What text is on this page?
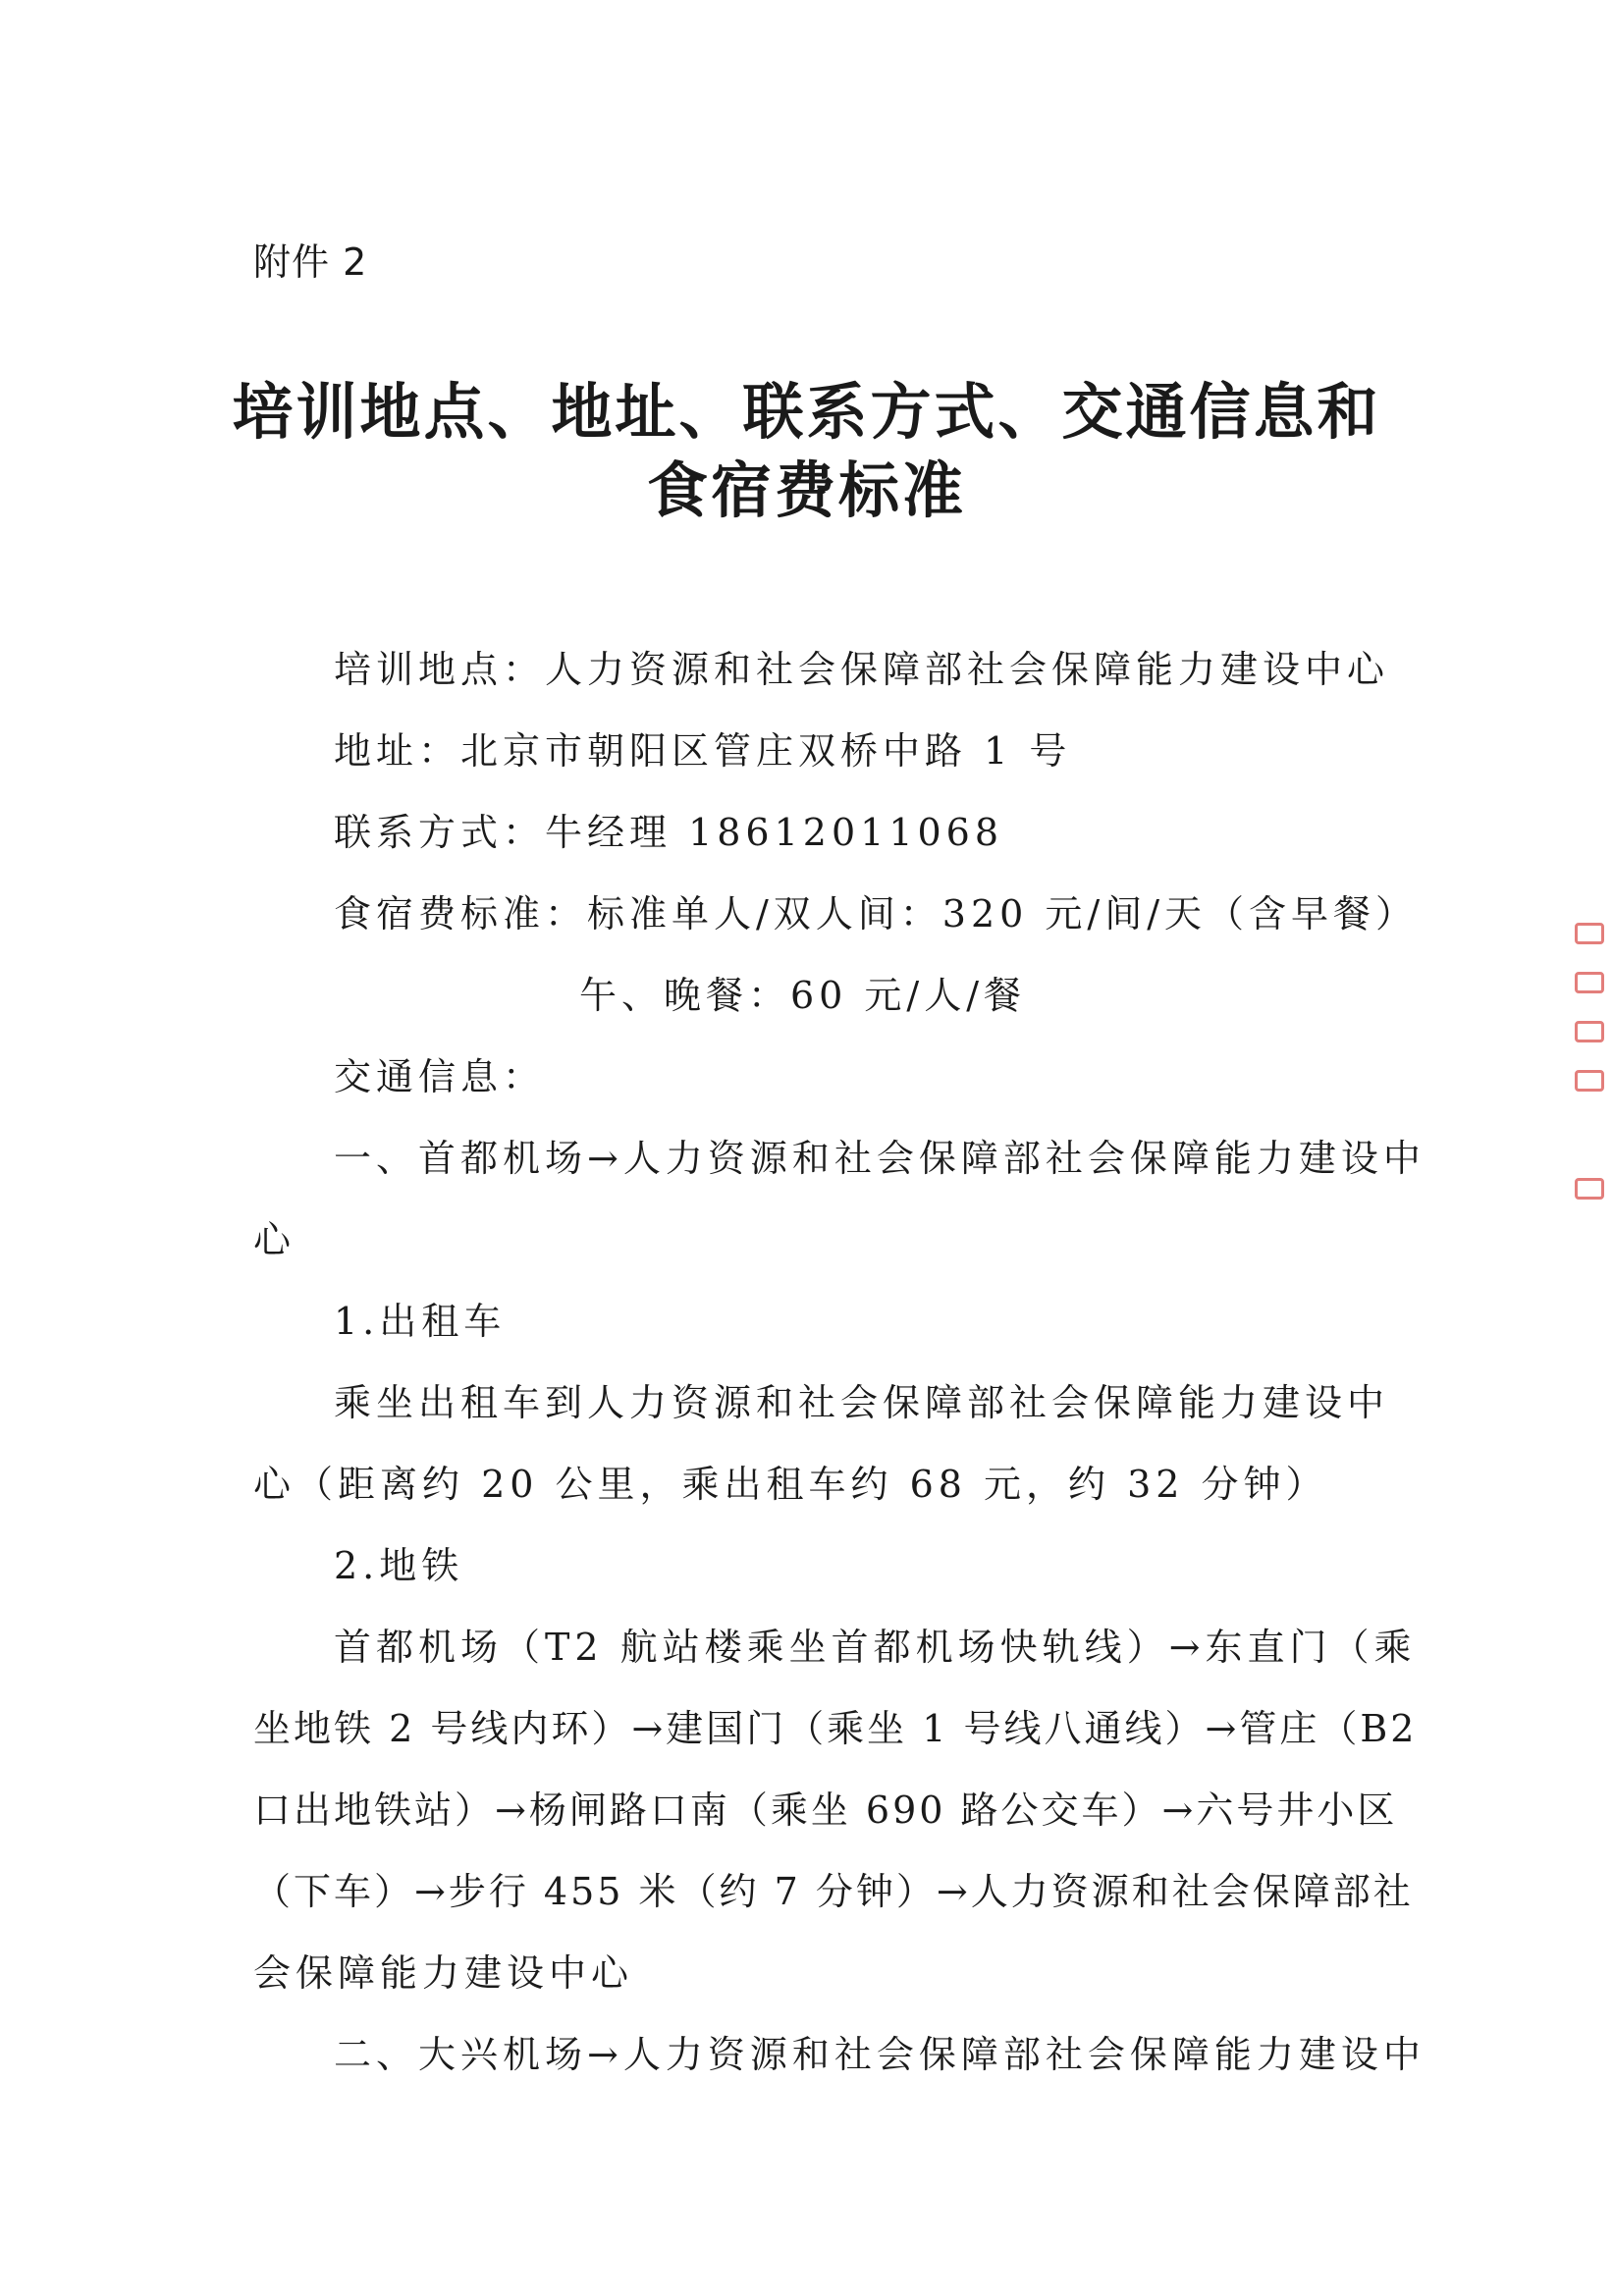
附件 2
培训地点、地址、联系方式、交通信息和
食宿费标准
培训地点：人力资源和社会保障部社会保障能力建设中心
地址：北京市朝阳区管庄双桥中路 1 号
联系方式：牛经理 18612011068
食宿费标准：标准单人/双人间：320 元/间/天（含早餐）
午、晚餐：60 元/人/餐
交通信息：
一、首都机场→人力资源和社会保障部社会保障能力建设中
心
1.出租车
乘坐出租车到人力资源和社会保障部社会保障能力建设中
心（距离约 20 公里，乘出租车约 68 元，约 32 分钟）
2.地铁
首都机场（T2 航站楼乘坐首都机场快轨线）→东直门（乘
坐地铁 2 号线内环）→建国门（乘坐 1 号线八通线）→管庄（B2
口出地铁站）→杨闸路口南（乘坐 690 路公交车）→六号井小区
（下车）→步行 455 米（约 7 分钟）→人力资源和社会保障部社
会保障能力建设中心
二、大兴机场→人力资源和社会保障部社会保障能力建设中
